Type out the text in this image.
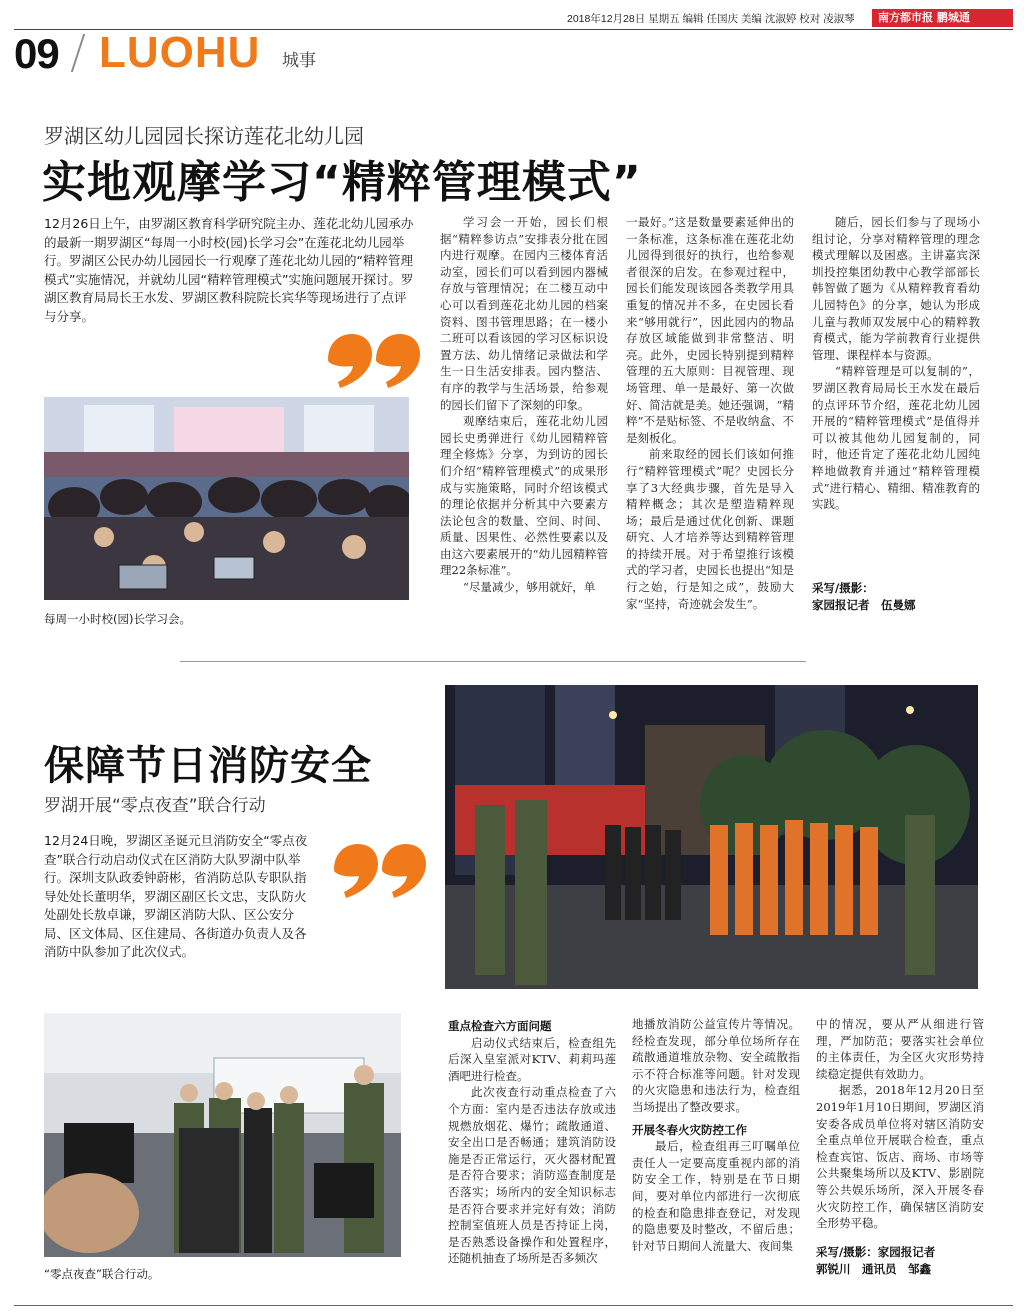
2018年12月28日 星期五 编辑 任国庆 美编 沈淑婷 校对 凌淑琴	南方都市报 鹏城通
09 LUOHU 城事
罗湖区幼儿园园长探访莲花北幼儿园
实地观摩学习“精粹管理模式”
12月26日上午，由罗湖区教育科学研究院主办、莲花北幼儿园承办的最新一期罗湖区“每周一小时校(园)长学习会”在莲花北幼儿园举行。罗湖区公民办幼儿园园长一行观摩了莲花北幼儿园的“精粹管理模式”实施情况，并就幼儿园“精粹管理模式”实施问题展开探讨。罗湖区教育局局长王水发、罗湖区教科院院长宾华等现场进行了点评与分享。
每周一小时校(园)长学习会。

学习会一开始，园长们根据“精粹参访点”安排表分批在园内进行观摩。在园内三楼体育活动室，园长们可以看到园内器械存放与管理情况；在二楼互动中心可以看到莲花北幼儿园的档案资料、图书管理思路；在一楼小二班可以看该园的学习区标识设置方法、幼儿情绪记录做法和学生一日生活安排表。园内整洁、有序的教学与生活场景，给参观的园长们留下了深刻的印象。

观摩结束后，莲花北幼儿园园长史勇弹进行《幼儿园精粹管理全修炼》分享，为到访的园长们介绍“精粹管理模式”的成果形成与实施策略，同时介绍该模式的理论依据并分析其中六要素方法论包含的数量、空间、时间、质量、因果性、必然性要素以及由这六要素展开的“幼儿园精粹管理22条标准”。

“尽量减少，够用就好，单

一最好。”这是数量要素延伸出的一条标准，这条标准在莲花北幼儿园得到很好的执行，也给参观者很深的启发。在参观过程中，园长们能发现该园各类教学用具重复的情况并不多，在史园长看来“够用就行”，因此园内的物品存放区域能做到非常整洁、明亮。此外，史园长特别提到精粹管理的五大原则：目视管理、现场管理、单一是最好、第一次做好、简洁就是美。她还强调，“精粹”不是贴标签、不是收纳盒、不是刻板化。

前来取经的园长们该如何推行“精粹管理模式”呢？史园长分享了3大经典步骤，首先是导入精粹概念；其次是塑造精粹现场；最后是通过优化创新、课题研究、人才培养等达到精粹管理的持续开展。对于希望推行该模式的学习者，史园长也提出“知是行之始，行是知之成”，鼓励大家“坚持，奇迹就会发生”。

随后，园长们参与了现场小组讨论，分享对精粹管理的理念模式理解以及困惑。主讲嘉宾深圳投控集团幼教中心教学部部长韩智做了题为《从精粹教育看幼儿园特色》的分享，她认为形成儿童与教师双发展中心的精粹教育模式，能为学前教育行业提供管理、课程样本与资源。

“精粹管理是可以复制的”，罗湖区教育局局长王水发在最后的点评环节介绍，莲花北幼儿园开展的“精粹管理模式”是值得并可以被其他幼儿园复制的，同时，他还肯定了莲花北幼儿园纯粹地做教育并通过“精粹管理模式”进行精心、精细、精准教育的实践。

采写/摄影：
家园报记者　伍曼娜
保障节日消防安全
罗湖开展“零点夜查”联合行动
12月24日晚，罗湖区圣诞元旦消防安全“零点夜查”联合行动启动仪式在区消防大队罗湖中队举行。深圳支队政委钟蔚彬，省消防总队专职队指导处处长董明华，罗湖区副区长文忠，支队防火处副处长敖卓谦，罗湖区消防大队、区公安分局、区文体局、区住建局、各街道办负责人及各消防中队参加了此次仪式。
“零点夜查”联合行动。

重点检查六方面问题

启动仪式结束后，检查组先后深入皇室派对KTV、莉莉玛莲酒吧进行检查。

此次夜查行动重点检查了六个方面：室内是否违法存放或违规燃放烟花、爆竹；疏散通道、安全出口是否畅通；建筑消防设施是否正常运行，灭火器材配置是否符合要求；消防巡查制度是否落实；场所内的安全知识标志是否符合要求并完好有效；消防控制室值班人员是否持证上岗，是否熟悉设备操作和处置程序，还随机抽查了场所是否多频次

地播放消防公益宣传片等情况。经检查发现，部分单位场所存在疏散通道堆放杂物、安全疏散指示不符合标准等问题。针对发现的火灾隐患和违法行为，检查组当场提出了整改要求。

开展冬春火灾防控工作

最后，检查组再三叮嘱单位责任人一定要高度重视内部的消防安全工作，特别是在节日期间，要对单位内部进行一次彻底的检查和隐患排查登记，对发现的隐患要及时整改，不留后患；针对节日期间人流量大、夜间集

中的情况，要从严从细进行管理，严加防范；要落实社会单位的主体责任，为全区火灾形势持续稳定提供有效助力。

据悉，2018年12月20日至2019年1月10日期间，罗湖区消安委各成员单位将对辖区消防安全重点单位开展联合检查，重点检查宾馆、饭店、商场、市场等公共聚集场所以及KTV、影剧院等公共娱乐场所，深入开展冬春火灾防控工作，确保辖区消防安全形势平稳。

采写/摄影：家园报记者
郭锐川　通讯员　邹鑫
